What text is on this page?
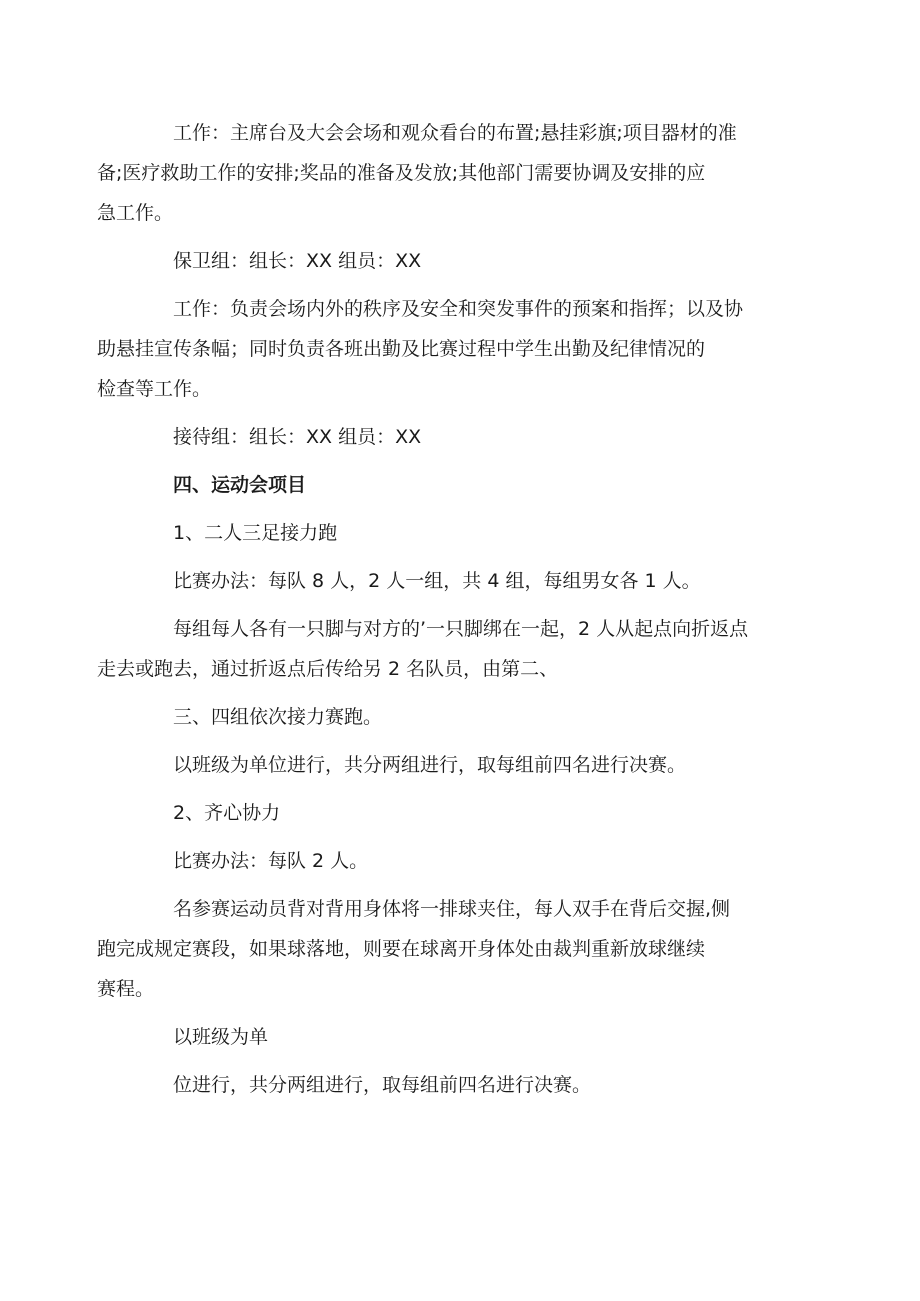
工作：主席台及大会会场和观众看台的布置;悬挂彩旗;项目器材的准
备;医疗救助工作的安排;奖品的准备及发放;其他部门需要协调及安排的应
急工作。

保卫组：组长：XX 组员：XX

工作：负责会场内外的秩序及安全和突发事件的预案和指挥；以及协
助悬挂宣传条幅；同时负责各班出勤及比赛过程中学生出勤及纪律情况的
检查等工作。

接待组：组长：XX 组员：XX

四、运动会项目

1、二人三足接力跑

比赛办法：每队 8 人，2 人一组，共 4 组，每组男女各 1 人。

每组每人各有一只脚与对方的’一只脚绑在一起，2 人从起点向折返点
走去或跑去，通过折返点后传给另 2 名队员，由第二、

三、四组依次接力赛跑。

以班级为单位进行，共分两组进行，取每组前四名进行决赛。

2、齐心协力

比赛办法：每队 2 人。

名参赛运动员背对背用身体将一排球夹住，每人双手在背后交握,侧
跑完成规定赛段，如果球落地，则要在球离开身体处由裁判重新放球继续
赛程。

以班级为单

位进行，共分两组进行，取每组前四名进行决赛。
